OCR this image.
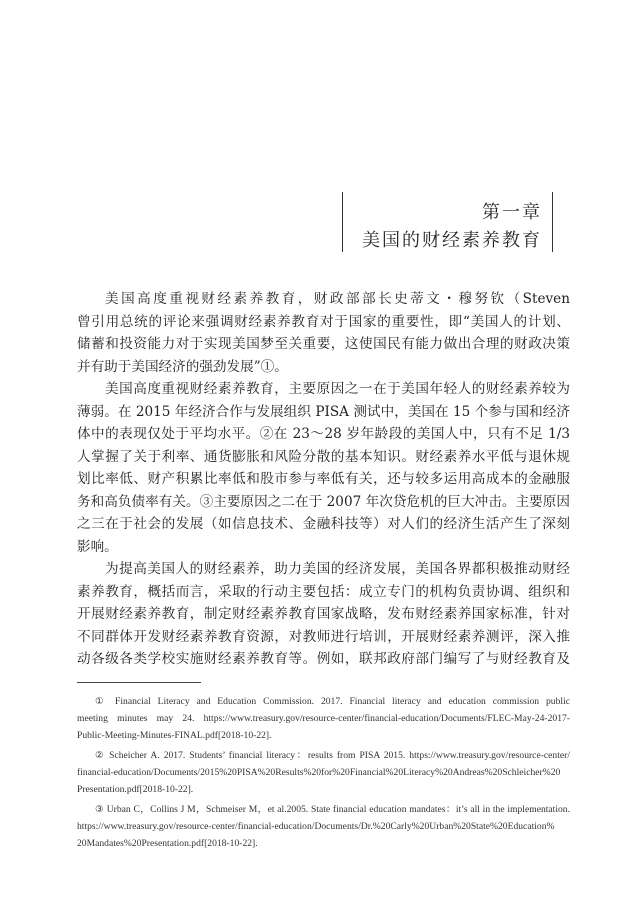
第一章
美国的财经素养教育
美国高度重视财经素养教育，财政部部长史蒂文・穆努钦（Steven
曾引用总统的评论来强调财经素养教育对于国家的重要性，即“美国人的计划、
储蓄和投资能力对于实现美国梦至关重要，这使国民有能力做出合理的财政决策
并有助于美国经济的强劲发展”①。
美国高度重视财经素养教育，主要原因之一在于美国年轻人的财经素养较为
薄弱。在 2015 年经济合作与发展组织 PISA 测试中，美国在 15 个参与国和经济
体中的表现仅处于平均水平。②在 23～28 岁年龄段的美国人中，只有不足 1/3
人掌握了关于利率、通货膨胀和风险分散的基本知识。财经素养水平低与退休规
划比率低、财产积累比率低和股市参与率低有关，还与较多运用高成本的金融服
务和高负债率有关。③主要原因之二在于 2007 年次贷危机的巨大冲击。主要原因
之三在于社会的发展（如信息技术、金融科技等）对人们的经济生活产生了深刻
影响。
为提高美国人的财经素养，助力美国的经济发展，美国各界都积极推动财经
素养教育，概括而言，采取的行动主要包括：成立专门的机构负责协调、组织和
开展财经素养教育，制定财经素养教育国家战略，发布财经素养国家标准，针对
不同群体开发财经素养教育资源，对教师进行培训，开展财经素养测评，深入推
动各级各类学校实施财经素养教育等。例如，联邦政府部门编写了与财经教育及
① Financial Literacy and Education Commission. 2017. Financial literacy and education commission public
meeting minutes may 24. https://www.treasury.gov/resource-center/financial-education/Documents/FLEC-May-24-2017-
Public-Meeting-Minutes-FINAL.pdf[2018-10-22].
② Scheicher A. 2017. Students’ financial literacy：results from PISA 2015. https://www.treasury.gov/resource-center/
financial-education/Documents/2015%20PISA%20Results%20for%20Financial%20Literacy%20Andreas%20Schleicher%20
Presentation.pdf[2018-10-22].
③ Urban C，Collins J M，Schmeiser M，et al.2005. State financial education mandates：it’s all in the implementation.
https://www.treasury.gov/resource-center/financial-education/Documents/Dr.%20Carly%20Urban%20State%20Education%
20Mandates%20Presentation.pdf[2018-10-22].
